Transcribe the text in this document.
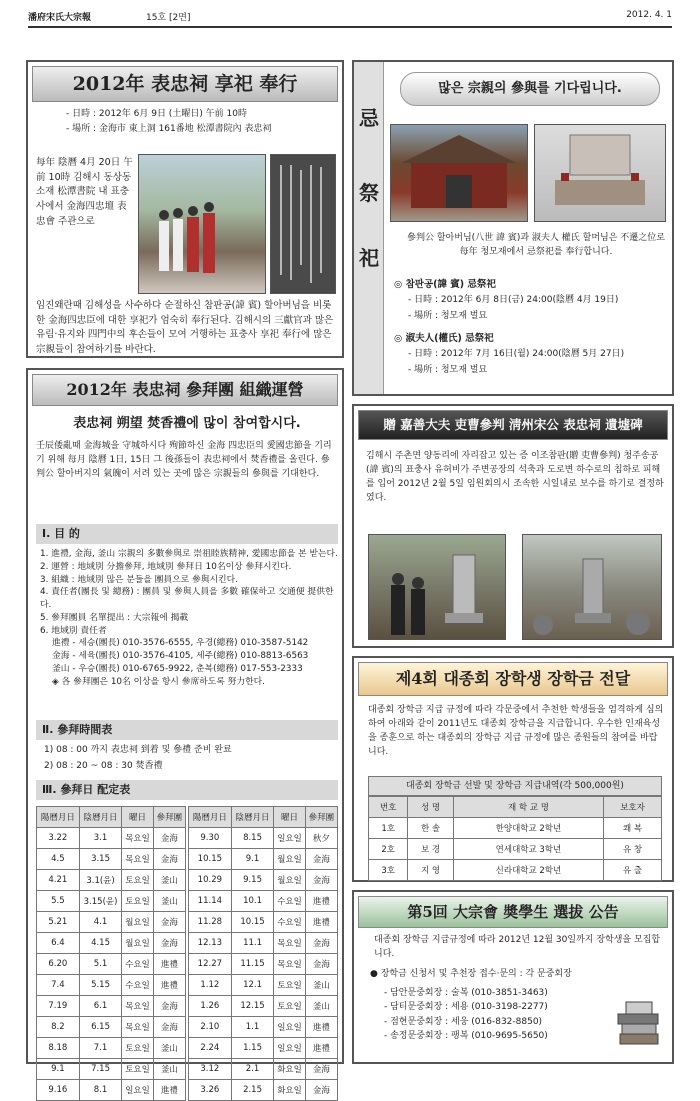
潘府宋氏大宗報	15호 [2면]	2012. 4. 1
2012年 表忠祠 享祀 奉行
- 日時 : 2012年 6月 9日 (土曜日) 午前 10時
- 場所 : 金海市 東上洞 161番地 松潭書院內 表忠祠
每年 陰曆 4月 20日 午前 10時 김해시 동상동 소재 松潭書院 내 표충사에서 金海四忠壇 表忠會 주관으로
임진왜란때 김해성을 사수하다 순절하신 참판공(諱 賓) 할아버님을 비롯한 金海四忠臣에 대한 享祀가 엄숙히 奉行된다. 김해시의 三獻官과 많은 유림·유지와 四門中의 후손들이 모여 거행하는 표충사 享祀 奉行에 많은 宗親들이 참여하기를 바란다.
忌
祭
祀
많은 宗親의 參與를 기다립니다.
參判公 할아버님(八世 諱 賓)과 淑夫人 權氏 할머님은 不遷之位로 每年 청모재에서 忌祭祀를 奉行합니다.
◎ 참판공(諱 賓) 忌祭祀
- 日時 : 2012年 6月 8日(금) 24:00(陰曆 4月 19日)
- 場所 : 청모재 벌묘
◎ 淑夫人(權氏) 忌祭祀
- 日時 : 2012年 7月 16日(월) 24:00(陰曆 5月 27日)
- 場所 : 청모재 벌묘
2012年 表忠祠 參拜團 組織運營
表忠祠 朔望 焚香禮에 많이 참여합시다.
壬辰倭亂때 金海城을 守城하시다 殉節하신 金海 四忠臣의 愛國忠節을 기리기 위해 每月 陰曆 1日, 15日 그 後孫들이 表忠祠에서 焚香禮를 올린다. 參判公 할아버지의 氣魄이 서려 있는 곳에 많은 宗親들의 參與를 기대한다.
Ⅰ. 目 的
1. 進禮, 金海, 釜山 宗親의 多數參與로 崇祖睦族精神, 愛國忠節을 본 받는다.
2. 運營 : 地域別 分擔參拜, 地域別 參拜日 10名이상 參拜시킨다.
3. 組織 : 地域別 많은 분들을 團員으로 參與시킨다.
4. 責任者(團長 및 總務) : 團員 및 參與人員을 多數 確保하고 交通便 提供한다.
5. 參拜團員 名單提出 : 大宗報에 揭載
6. 地域別 責任者
進禮 - 세승(團長) 010-3576-6555, 우경(總務) 010-3587-5142
金海 - 세육(團長) 010-3576-4105, 세주(總務) 010-8813-6563
釜山 - 우승(團長) 010-6765-9922, 춘복(總務) 017-553-2333
◈ 各 參拜團은 10名 이상을 항시 參席하도록 努力한다.
Ⅱ. 參拜時間表
1) 08 : 00 까지 表忠祠 到着 및 參禮 준비 완료
2) 08 : 20 ~ 08 : 30 焚香禮
Ⅲ. 參拜日 配定表
陽曆月日	陰曆月日	曜日	參拜團
3.22	3.1	목요일	金海
4.5	3.15	목요일	金海
4.21	3.1(윤)	토요일	釜山
5.5	3.15(윤)	토요일	釜山
5.21	4.1	월요일	金海
6.4	4.15	월요일	金海
6.20	5.1	수요일	進禮
7.4	5.15	수요일	進禮
7.19	6.1	목요일	金海
8.2	6.15	목요일	金海
8.18	7.1	토요일	釜山
9.1	7.15	토요일	釜山
9.16	8.1	일요일	進禮
陽曆月日	陰曆月日	曜日	參拜團
9.30	8.15	일요일	秋夕
10.15	9.1	월요일	金海
10.29	9.15	월요일	金海
11.14	10.1	수요일	進禮
11.28	10.15	수요일	進禮
12.13	11.1	목요일	金海
12.27	11.15	목요일	金海
1.12	12.1	토요일	釜山
1.26	12.15	토요일	釜山
2.10	1.1	일요일	進禮
2.24	1.15	일요일	進禮
3.12	2.1	화요일	金海
3.26	2.15	화요일	金海
贈 嘉善大夫 吏曹參判 淸州宋公 表忠祠 遺墟碑
김해시 주촌면 양동리에 자리잡고 있는 증 이조참판(贈 吏曹參判) 청주송공(諱 賓)의 표충사 유허비가 주변공장의 석축과 도로변 하수로의 침하로 피해를 입어 2012년 2월 5일 임원회의시 조속한 시일내로 보수를 하기로 결정하였다.
제4회 대종회 장학생 장학금 전달
대종회 장학금 지급 규정에 따라 각문중에서 추천한 학생들을 엄격하게 심의하여 아래와 같이 2011년도 대종회 장학금을 지급합니다. 우수한 인재육성을 종훈으로 하는 대종회의 장학금 지급 규정에 많은 종원들의 참여를 바랍니다.
대종회 장학금 선발 및 장학금 지급내역(각 500,000원)
번호	성 명	재 학 교 명	보호자
1호	한 솔	한양대학교 2학년	쾌 복
2호	보 경	연세대학교 3학년	유 창
3호	지 영	신라대학교 2학년	유 출
第5回 大宗會 奬學生 選拔 公告
대종회 장학금 지급규정에 따라 2012년 12월 30일까지 장학생을 모집합니다.
● 장학금 신청서 및 추천장 접수·문의 : 각 문중회장
- 담안문중회장 : 술복 (010-3851-3463)
- 담티문중회장 : 세용 (010-3198-2277)
- 점현문중회장 : 세웅 (016-832-8850)
- 송정문중회장 : 팽복 (010-9695-5650)
